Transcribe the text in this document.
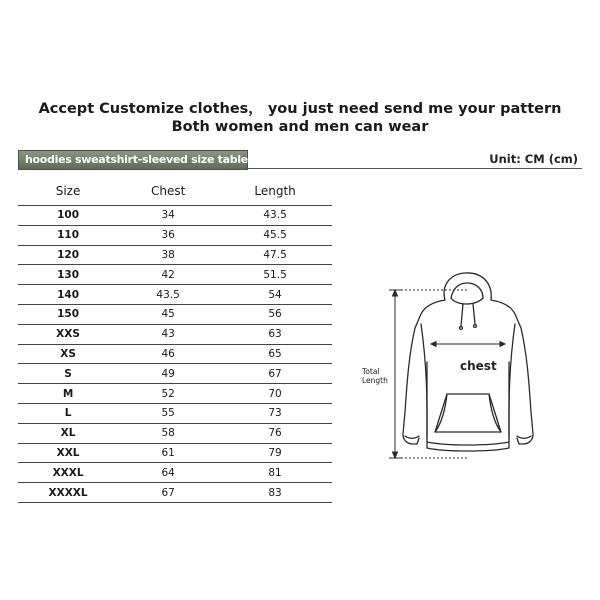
Accept Customize clothes， you just need send me your pattern
Both women and men can wear
hoodies sweatshirt-sleeved size table	Unit: CM (cm)
Size	Chest	Length
100	34	43.5
110	36	45.5
120	38	47.5
130	42	51.5
140	43.5	54
150	45	56
XXS	43	63
XS	46	65
S	49	67
M	52	70
L	55	73
XL	58	76
XXL	61	79
XXXL	64	81
XXXXL	67	83
Total
Length
chest
